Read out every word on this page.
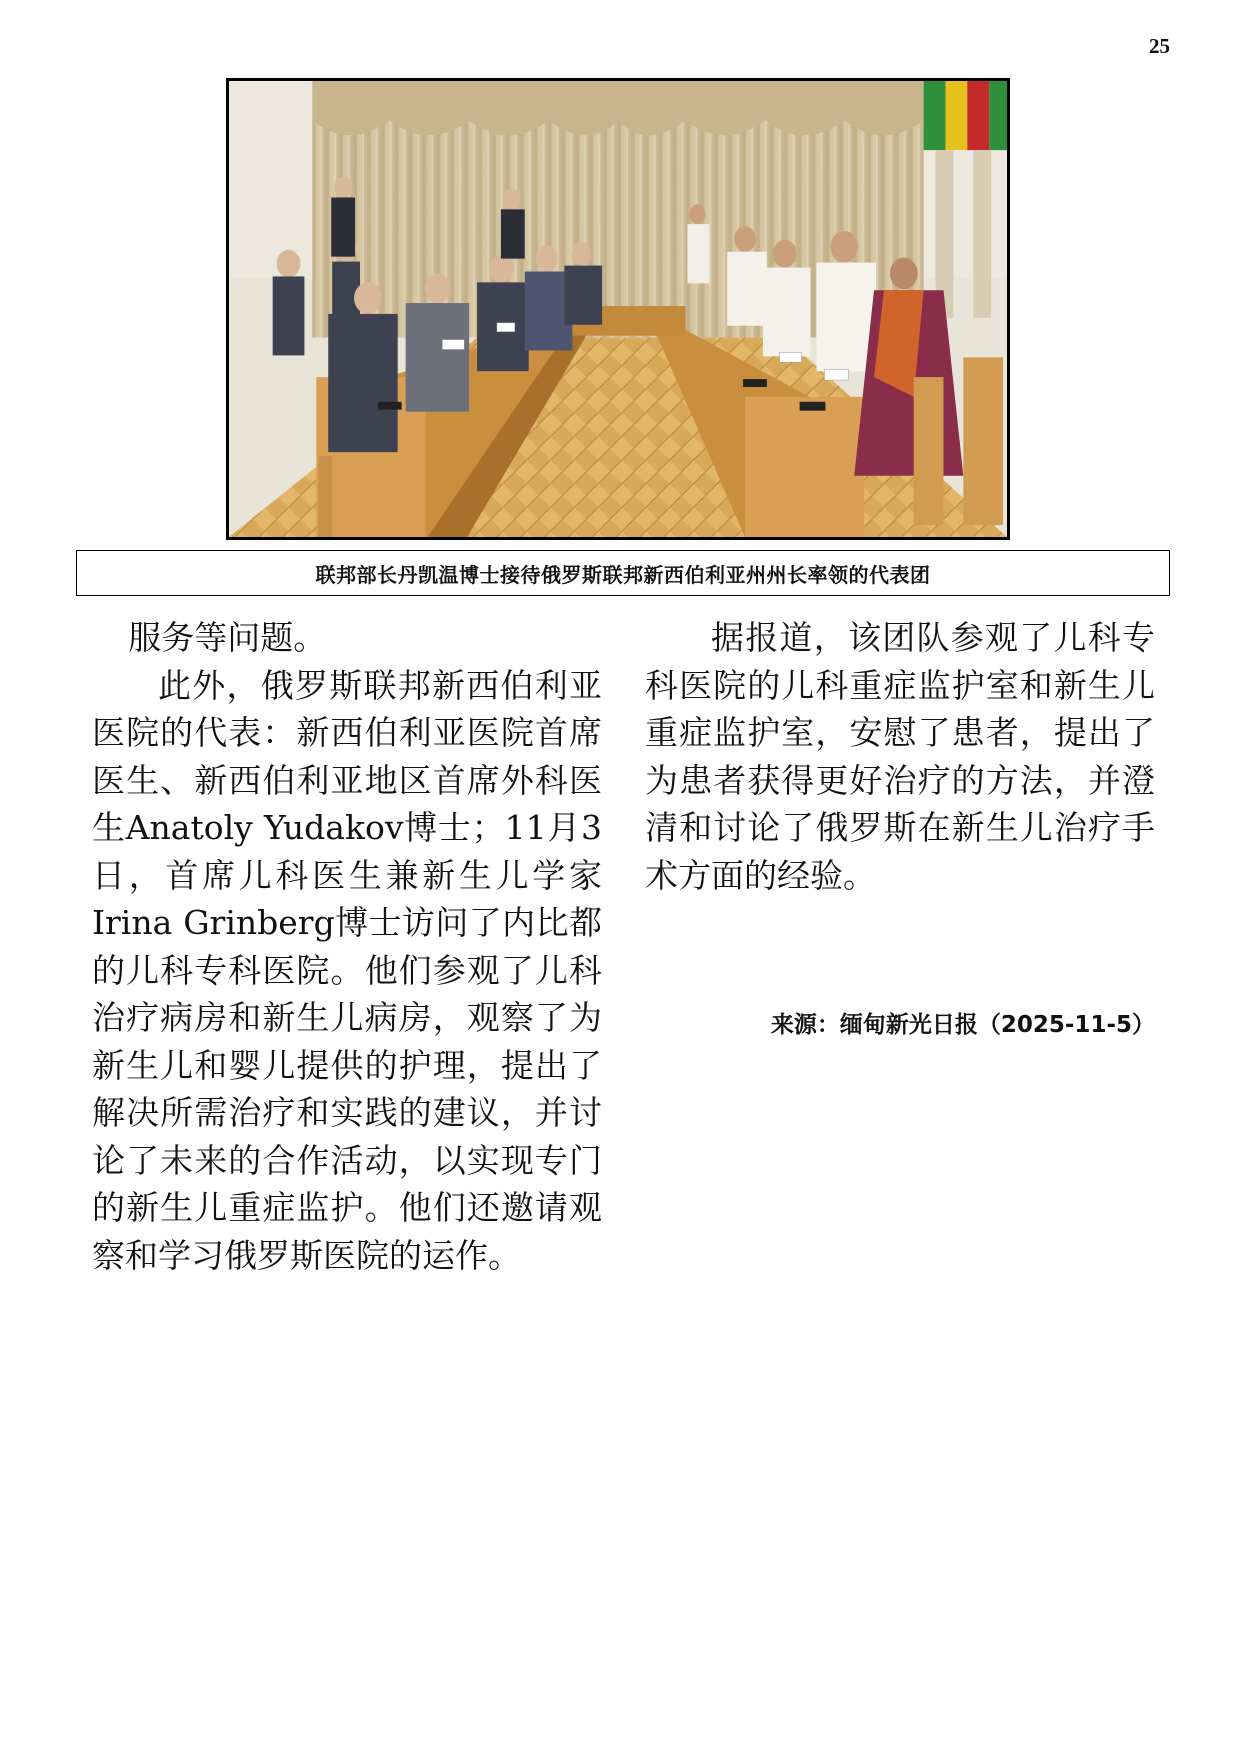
25
联邦部长丹凯温博士接待俄罗斯联邦新西伯利亚州州长率领的代表团

服务等问题。

此外，俄罗斯联邦新西伯利亚医院的代表：新西伯利亚医院首席医生、新西伯利亚地区首席外科医生Anatoly Yudakov博士；11月3日，首席儿科医生兼新生儿学家Irina Grinberg博士访问了内比都的儿科专科医院。他们参观了儿科治疗病房和新生儿病房，观察了为新生儿和婴儿提供的护理，提出了解决所需治疗和实践的建议，并讨论了未来的合作活动，以实现专门的新生儿重症监护。他们还邀请观察和学习俄罗斯医院的运作。

据报道，该团队参观了儿科专科医院的儿科重症监护室和新生儿重症监护室，安慰了患者，提出了为患者获得更好治疗的方法，并澄清和讨论了俄罗斯在新生儿治疗手术方面的经验。

来源：缅甸新光日报（2025-11-5）
